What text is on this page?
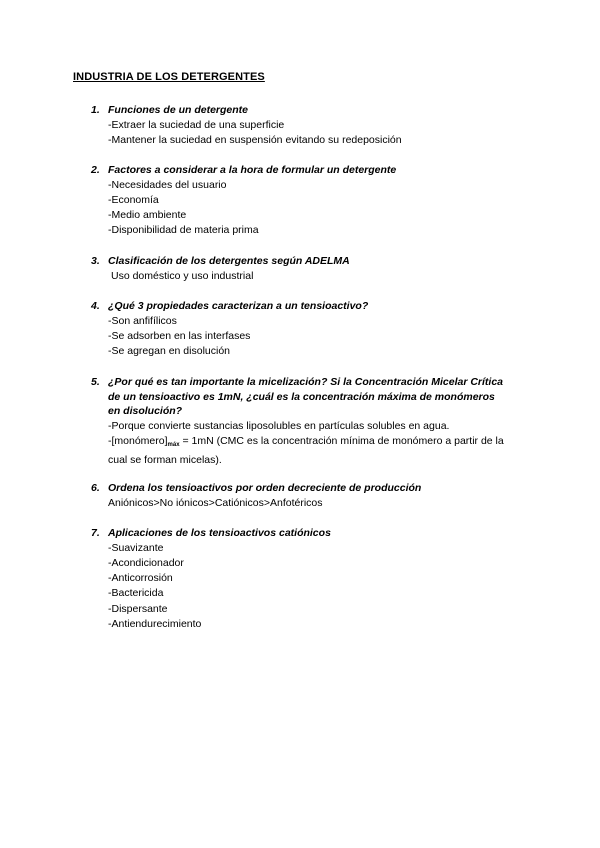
INDUSTRIA DE LOS DETERGENTES
1. Funciones de un detergente
-Extraer la suciedad de una superficie
-Mantener la suciedad en suspensión evitando su redeposición
2. Factores a considerar a la hora de formular un detergente
-Necesidades del usuario
-Economía
-Medio ambiente
-Disponibilidad de materia prima
3. Clasificación de los detergentes según ADELMA
Uso doméstico y uso industrial
4. ¿Qué 3 propiedades caracterizan a un tensioactivo?
-Son anfifílicos
-Se adsorben en las interfases
-Se agregan en disolución
5. ¿Por qué es tan importante la micelización? Si la Concentración Micelar Crítica
de un tensioactivo es 1mN, ¿cuál es la concentración máxima de monómeros
en disolución?
-Porque convierte sustancias liposolubles en partículas solubles en agua.
$-[monómero]_{máx} = 1mN$ (CMC es la concentración mínima de monómero a partir de la
cual se forman micelas).
6. Ordena los tensioactivos por orden decreciente de producción
Aniónicos>No iónicos>Catiónicos>Anfotéricos
7. Aplicaciones de los tensioactivos catiónicos
-Suavizante
-Acondicionador
-Anticorrosión
-Bactericida
-Dispersante
-Antiendurecimiento
